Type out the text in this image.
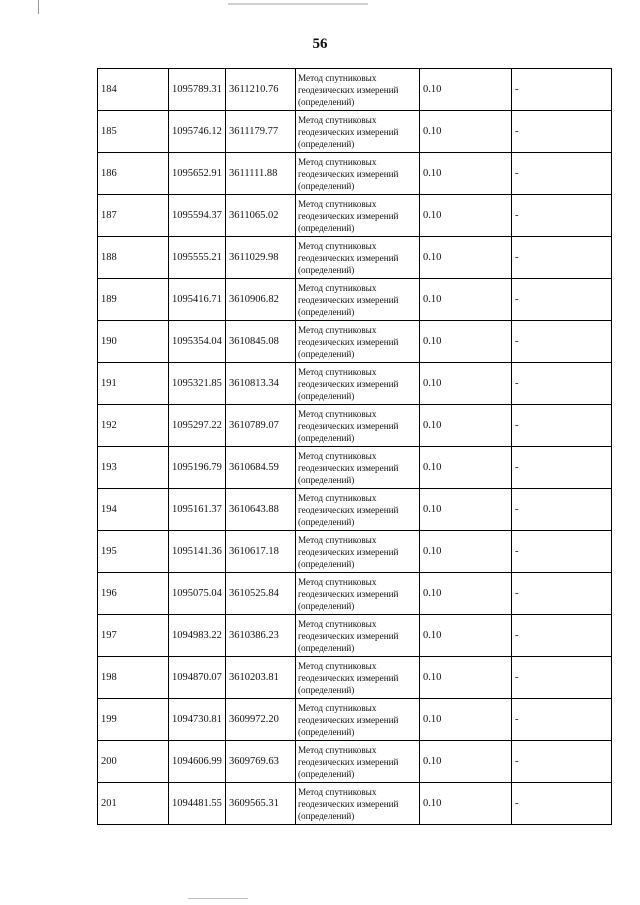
56
184	1095789.31	3611210.76	Метод спутниковых геодезических измерений (определений)	0.10	-
185	1095746.12	3611179.77	Метод спутниковых геодезических измерений (определений)	0.10	-
186	1095652.91	3611111.88	Метод спутниковых геодезических измерений (определений)	0.10	-
187	1095594.37	3611065.02	Метод спутниковых геодезических измерений (определений)	0.10	-
188	1095555.21	3611029.98	Метод спутниковых геодезических измерений (определений)	0.10	-
189	1095416.71	3610906.82	Метод спутниковых геодезических измерений (определений)	0.10	-
190	1095354.04	3610845.08	Метод спутниковых геодезических измерений (определений)	0.10	-
191	1095321.85	3610813.34	Метод спутниковых геодезических измерений (определений)	0.10	-
192	1095297.22	3610789.07	Метод спутниковых геодезических измерений (определений)	0.10	-
193	1095196.79	3610684.59	Метод спутниковых геодезических измерений (определений)	0.10	-
194	1095161.37	3610643.88	Метод спутниковых геодезических измерений (определений)	0.10	-
195	1095141.36	3610617.18	Метод спутниковых геодезических измерений (определений)	0.10	-
196	1095075.04	3610525.84	Метод спутниковых геодезических измерений (определений)	0.10	-
197	1094983.22	3610386.23	Метод спутниковых геодезических измерений (определений)	0.10	-
198	1094870.07	3610203.81	Метод спутниковых геодезических измерений (определений)	0.10	-
199	1094730.81	3609972.20	Метод спутниковых геодезических измерений (определений)	0.10	-
200	1094606.99	3609769.63	Метод спутниковых геодезических измерений (определений)	0.10	-
201	1094481.55	3609565.31	Метод спутниковых геодезических измерений (определений)	0.10	-
